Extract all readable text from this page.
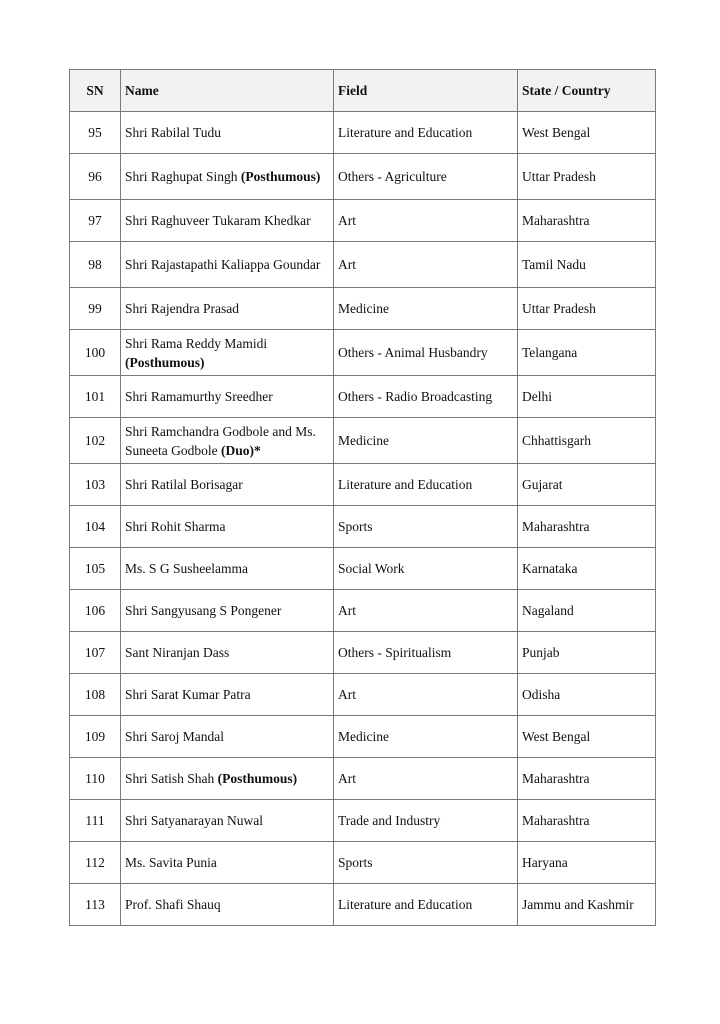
SN	Name	Field	State / Country
95	Shri Rabilal Tudu	Literature and Education	West Bengal
96	Shri Raghupat Singh (Posthumous)	Others - Agriculture	Uttar Pradesh
97	Shri Raghuveer Tukaram Khedkar	Art	Maharashtra
98	Shri Rajastapathi Kaliappa Goundar	Art	Tamil Nadu
99	Shri Rajendra Prasad	Medicine	Uttar Pradesh
100	Shri Rama Reddy Mamidi (Posthumous)	Others - Animal Husbandry	Telangana
101	Shri Ramamurthy Sreedher	Others - Radio Broadcasting	Delhi
102	Shri Ramchandra Godbole and Ms. Suneeta Godbole (Duo)*	Medicine	Chhattisgarh
103	Shri Ratilal Borisagar	Literature and Education	Gujarat
104	Shri Rohit Sharma	Sports	Maharashtra
105	Ms. S G Susheelamma	Social Work	Karnataka
106	Shri Sangyusang S Pongener	Art	Nagaland
107	Sant Niranjan Dass	Others - Spiritualism	Punjab
108	Shri Sarat Kumar Patra	Art	Odisha
109	Shri Saroj Mandal	Medicine	West Bengal
110	Shri Satish Shah (Posthumous)	Art	Maharashtra
111	Shri Satyanarayan Nuwal	Trade and Industry	Maharashtra
112	Ms. Savita Punia	Sports	Haryana
113	Prof. Shafi Shauq	Literature and Education	Jammu and Kashmir
